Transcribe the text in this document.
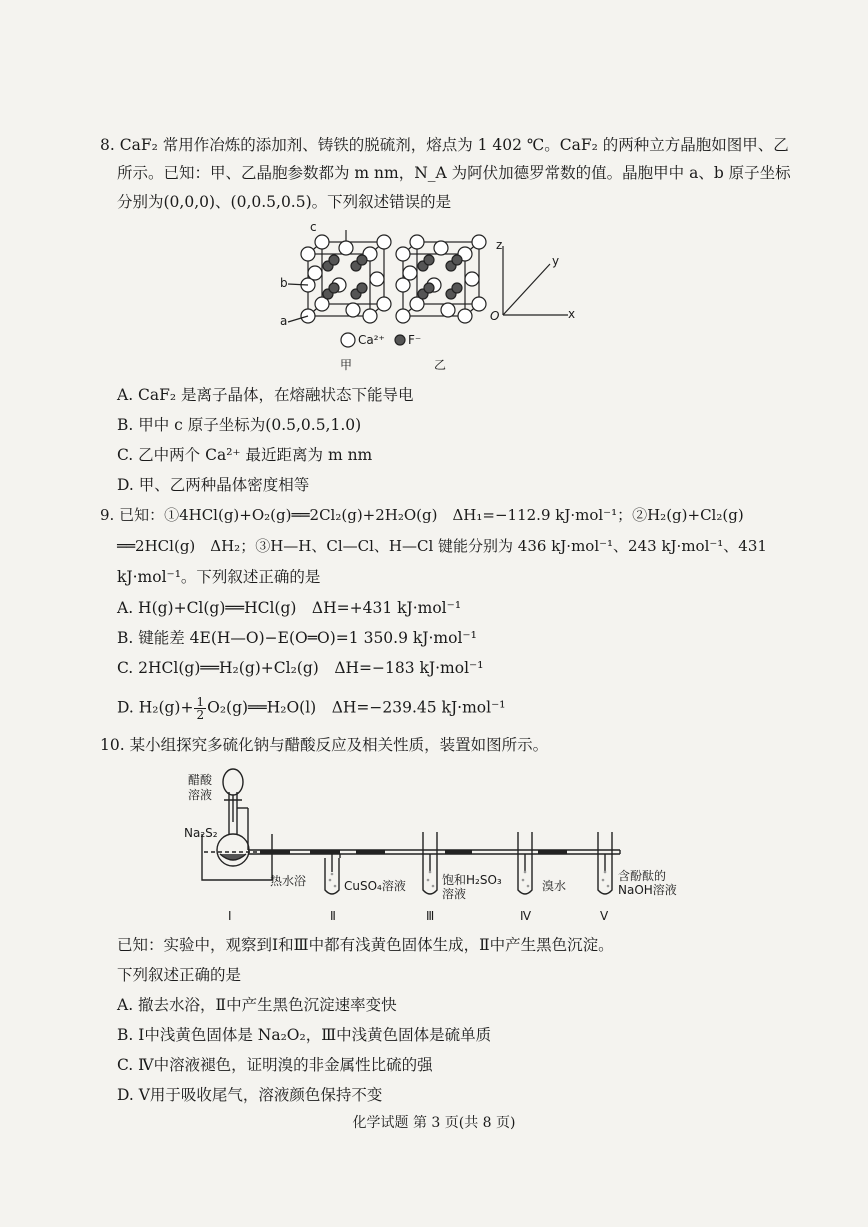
8. CaF₂ 常用作冶炼的添加剂、铸铁的脱硫剂，熔点为 1 402 ℃。CaF₂ 的两种立方晶胞如图甲、乙
所示。已知：甲、乙晶胞参数都为 m nm，N_A 为阿伏加德罗常数的值。晶胞甲中 a、b 原子坐标
分别为(0,0,0)、(0,0.5,0.5)。下列叙述错误的是
c
b
a
z
y
x
O
Ca²⁺ F⁻
甲	乙
A. CaF₂ 是离子晶体，在熔融状态下能导电
B. 甲中 c 原子坐标为(0.5,0.5,1.0)
C. 乙中两个 Ca²⁺ 最近距离为 m nm
D. 甲、乙两种晶体密度相等
9. 已知：①4HCl(g)+O₂(g)══2Cl₂(g)+2H₂O(g)　ΔH₁=−112.9 kJ·mol⁻¹；②H₂(g)+Cl₂(g)
══2HCl(g)　ΔH₂；③H—H、Cl—Cl、H—Cl 键能分别为 436 kJ·mol⁻¹、243 kJ·mol⁻¹、431
kJ·mol⁻¹。下列叙述正确的是
A. H(g)+Cl(g)══HCl(g)　ΔH=+431 kJ·mol⁻¹
B. 键能差 4E(H—O)−E(O═O)=1 350.9 kJ·mol⁻¹
C. 2HCl(g)══H₂(g)+Cl₂(g)　ΔH=−183 kJ·mol⁻¹
D. $H_2(g)+ \frac{1}{2}$ O₂(g)══H₂O(l)　ΔH=−239.45 kJ·mol⁻¹
10. 某小组探究多硫化钠与醋酸反应及相关性质，装置如图所示。
醋酸
溶液
Na₂S₂
热水浴	CuSO₄溶液	饱和H₂SO₃
溶液
溴水
含酚酞的
NaOH溶液
Ⅰ	Ⅱ	Ⅲ	Ⅳ	Ⅴ
已知：实验中，观察到Ⅰ和Ⅲ中都有浅黄色固体生成，Ⅱ中产生黑色沉淀。
下列叙述正确的是
A. 撤去水浴，Ⅱ中产生黑色沉淀速率变快
B. Ⅰ中浅黄色固体是 Na₂O₂，Ⅲ中浅黄色固体是硫单质
C. Ⅳ中溶液褪色，证明溴的非金属性比硫的强
D. Ⅴ用于吸收尾气，溶液颜色保持不变
化学试题 第 3 页(共 8 页)
